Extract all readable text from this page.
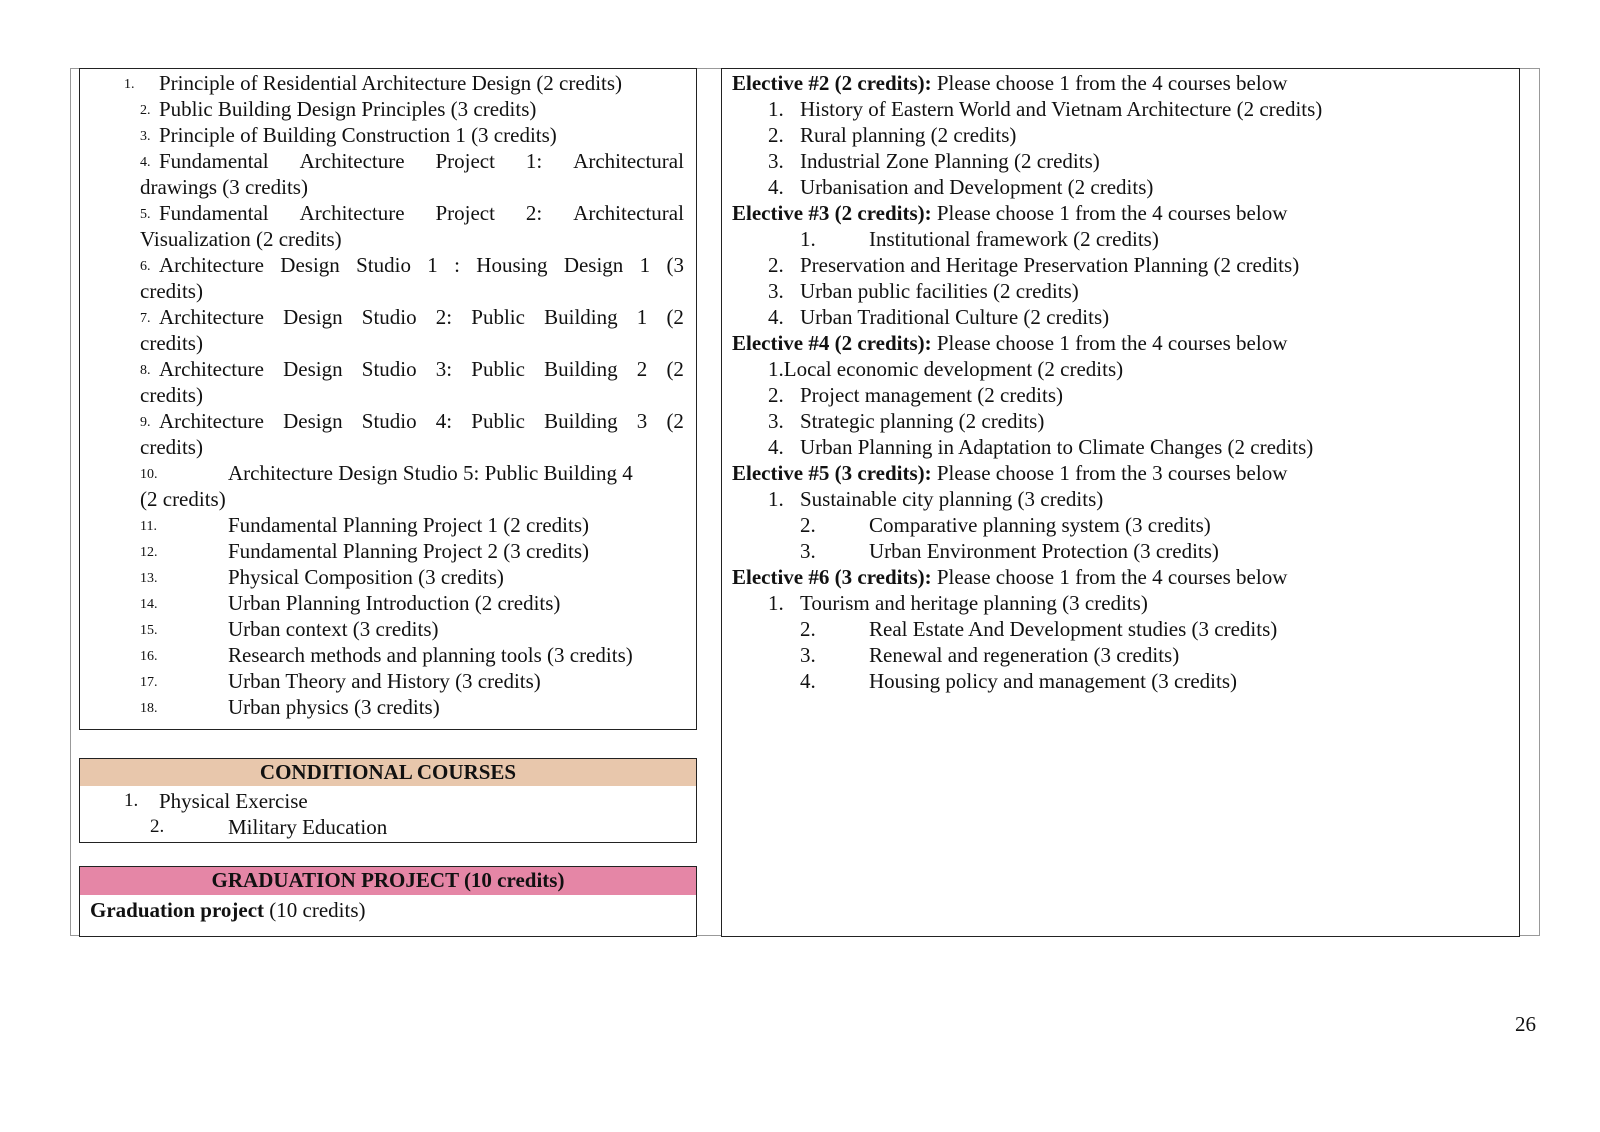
1. Principle of Residential Architecture Design (2 credits)
2. Public Building Design Principles (3 credits)
3. Principle of Building Construction 1 (3 credits)
4. Fundamental Architecture Project 1: Architectural
drawings (3 credits)
5. Fundamental Architecture Project 2: Architectural
Visualization (2 credits)
6. Architecture Design Studio 1 : Housing Design 1 (3
credits)
7. Architecture Design Studio 2: Public Building 1 (2
credits)
8. Architecture Design Studio 3: Public Building 2 (2
credits)
9. Architecture Design Studio 4: Public Building 3 (2
credits)
10.	Architecture Design Studio 5: Public Building 4
(2 credits)
11.	Fundamental Planning Project 1 (2 credits)
12.	Fundamental Planning Project 2 (3 credits)
13.	Physical Composition (3 credits)
14.	Urban Planning Introduction (2 credits)
15.	Urban context (3 credits)
16.	Research methods and planning tools (3 credits)
17.	Urban Theory and History (3 credits)
18.	Urban physics (3 credits)
CONDITIONAL COURSES
1. Physical Exercise
2.	Military Education
GRADUATION PROJECT (10 credits)
Graduation project (10 credits)
Elective #2 (2 credits): Please choose 1 from the 4 courses below
1. History of Eastern World and Vietnam Architecture (2 credits)
2. Rural planning (2 credits)
3. Industrial Zone Planning (2 credits)
4. Urbanisation and Development (2 credits)
Elective #3 (2 credits): Please choose 1 from the 4 courses below
1.	Institutional framework (2 credits)
2. Preservation and Heritage Preservation Planning (2 credits)
3. Urban public facilities (2 credits)
4. Urban Traditional Culture (2 credits)
Elective #4 (2 credits): Please choose 1 from the 4 courses below
1.Local economic development (2 credits)
2. Project management (2 credits)
3. Strategic planning (2 credits)
4. Urban Planning in Adaptation to Climate Changes (2 credits)
Elective #5 (3 credits): Please choose 1 from the 3 courses below
1. Sustainable city planning (3 credits)
2.	Comparative planning system (3 credits)
3.	Urban Environment Protection (3 credits)
Elective #6 (3 credits): Please choose 1 from the 4 courses below
1. Tourism and heritage planning (3 credits)
2.	Real Estate And Development studies (3 credits)
3.	Renewal and regeneration (3 credits)
4.	Housing policy and management (3 credits)
26
